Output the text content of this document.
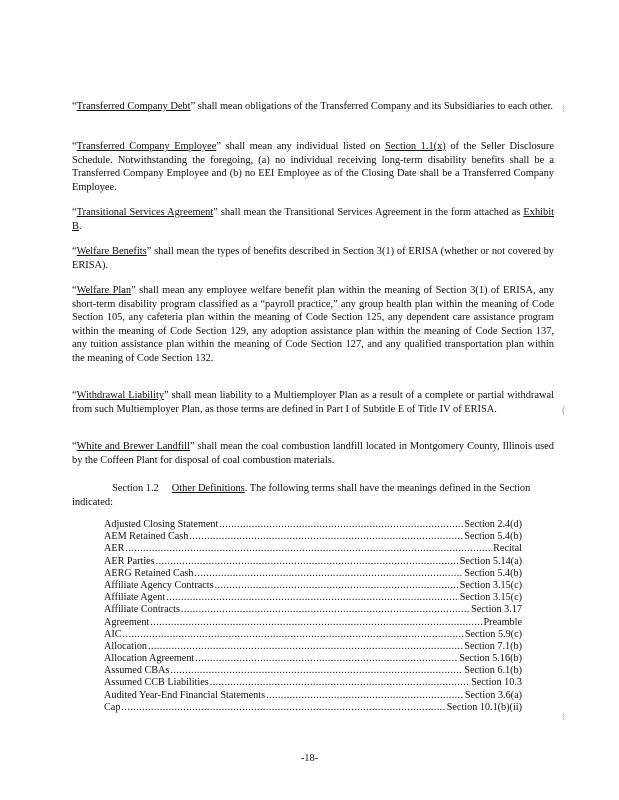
“Transferred Company Debt” shall mean obligations of the Transferred Company and its Subsidiaries to each other.

“Transferred Company Employee” shall mean any individual listed on Section 1.1(x) of the Seller Disclosure Schedule. Notwithstanding the foregoing, (a) no individual receiving long-term disability benefits shall be a Transferred Company Employee and (b) no EEI Employee as of the Closing Date shall be a Transferred Company Employee.

“Transitional Services Agreement” shall mean the Transitional Services Agreement in the form attached as Exhibit B.

“Welfare Benefits” shall mean the types of benefits described in Section 3(1) of ERISA (whether or not covered by ERISA).

“Welfare Plan” shall mean any employee welfare benefit plan within the meaning of Section 3(1) of ERISA, any short-term disability program classified as a “payroll practice,” any group health plan within the meaning of Code Section 105, any cafeteria plan within the meaning of Code Section 125, any dependent care assistance program within the meaning of Code Section 129, any adoption assistance plan within the meaning of Code Section 137, any tuition assistance plan within the meaning of Code Section 127, and any qualified transportation plan within the meaning of Code Section 132.

“Withdrawal Liability” shall mean liability to a Multiemployer Plan as a result of a complete or partial withdrawal from such Multiemployer Plan, as those terms are defined in Part I of Subtitle E of Title IV of ERISA.

“White and Brewer Landfill” shall mean the coal combustion landfill located in Montgomery County, Illinois used by the Coffeen Plant for disposal of coal combustion materials.

Section 1.2 Other Definitions. The following terms shall have the meanings defined in the Section indicated:

Adjusted Closing Statement .....	Section 2.4(d)
AEM Retained Cash .....	Section 5.4(b)
AER .....	Recital
AER Parties .....	Section 5.14(a)
AERG Retained Cash .....	Section 5.4(b)
Affiliate Agency Contracts .....	Section 3.15(c)
Affiliate Agent .....	Section 3.15(c)
Affiliate Contracts .....	Section 3.17
Agreement .....	Preamble
AIC .....	Section 5.9(c)
Allocation .....	Section 7.1(b)
Allocation Agreement .....	Section 5.16(b)
Assumed CBAs .....	Section 6.1(b)
Assumed CCB Liabilities .....	Section 10.3
Audited Year-End Financial Statements .....	Section 3.6(a)
Cap .....	Section 10.1(b)(ii)
-18-
⁝
(
⁝
